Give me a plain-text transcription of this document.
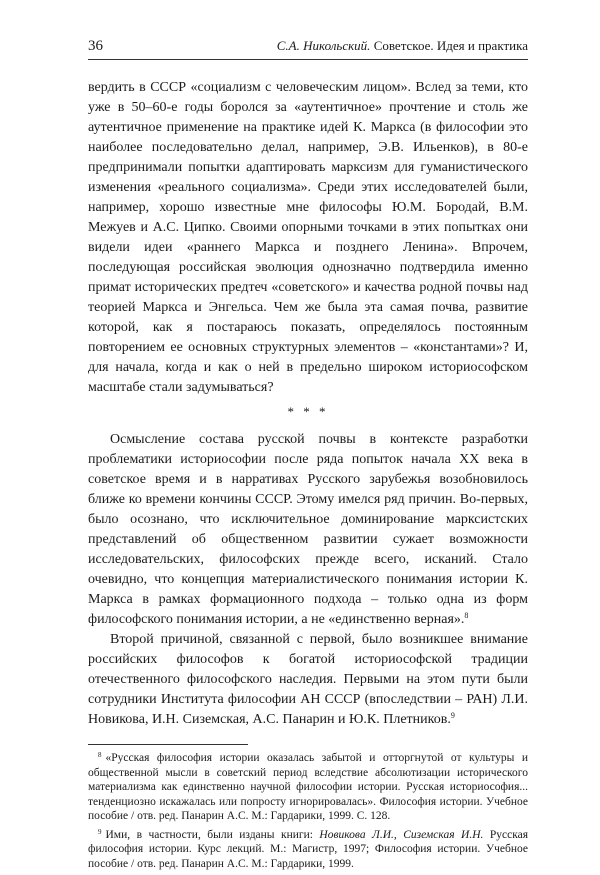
36	С.А. Никольский. Советское. Идея и практика

вердить в СССР «социализм с человеческим лицом». Вслед за теми, кто уже в 50–60-е годы боролся за «аутентичное» прочтение и столь же аутентичное применение на практике идей К. Маркса (в философии это наиболее последовательно делал, например, Э.В. Ильенков), в 80-е предпринимали попытки адаптировать марксизм для гуманистического изменения «реального социализма». Среди этих исследователей были, например, хорошо известные мне философы Ю.М. Бородай, В.М. Межуев и А.С. Ципко. Своими опорными точками в этих попытках они видели идеи «раннего Маркса и позднего Ленина». Впрочем, последующая российская эволюция однозначно подтвердила именно примат исторических предтеч «советского» и качества родной почвы над теорией Маркса и Энгельса. Чем же была эта самая почва, развитие которой, как я постараюсь показать, определялось постоянным повторением ее основных структурных элементов – «константами»? И, для начала, когда и как о ней в предельно широком историософском масштабе стали задумываться?

* * *

Осмысление состава русской почвы в контексте разработки проблематики историософии после ряда попыток начала XX века в советское время и в нарративах Русского зарубежья возобновилось ближе ко времени кончины СССР. Этому имелся ряд причин. Во-первых, было осознано, что исключительное доминирование марксистских представлений об общественном развитии сужает возможности исследовательских, философских прежде всего, исканий. Стало очевидно, что концепция материалистического понимания истории К. Маркса в рамках формационного подхода – только одна из форм философского понимания истории, а не «единственно верная».$^8$

Второй причиной, связанной с первой, было возникшее внимание российских философов к богатой историософской традиции отечественного философского наследия. Первыми на этом пути были сотрудники Института философии АН СССР (впоследствии – РАН) Л.И. Новикова, И.Н. Сиземская, А.С. Панарин и Ю.К. Плетников.$^9$

$^8$ «Русская философия истории оказалась забытой и отторгнутой от культуры и общественной мысли в советский период вследствие абсолютизации исторического материализма как единственно научной философии истории. Русская историософия... тенденциозно искажалась или попросту игнорировалась». Философия истории. Учебное пособие / отв. ред. Панарин А.С. М.: Гардарики, 1999. С. 128.

$^9$ Ими, в частности, были изданы книги: Новикова Л.И., Сиземская И.Н. Русская философия истории. Курс лекций. М.: Магистр, 1997; Философия истории. Учебное пособие / отв. ред. Панарин А.С. М.: Гардарики, 1999.
